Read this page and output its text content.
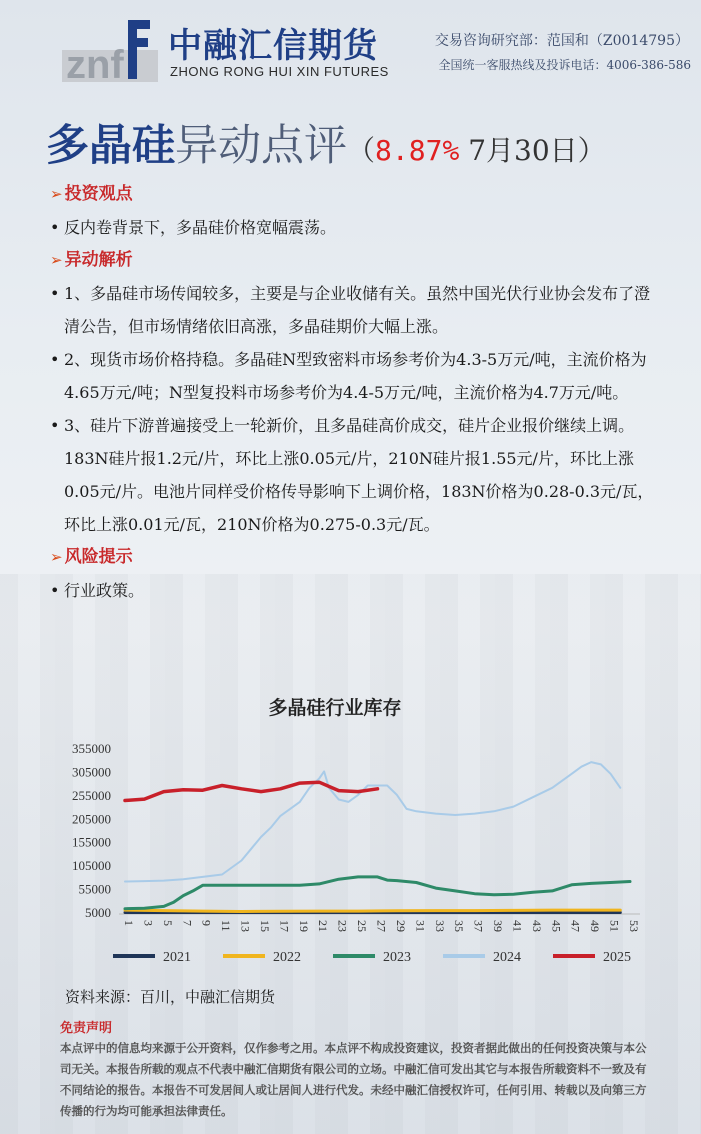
znf 中融汇信期货
ZHONG RONG HUI XIN FUTURES
交易咨询研究部：范国和（Z0014795）
全国统一客服热线及投诉电话：4006-386-586
多晶硅异动点评（8.87% 7月30日）
➢ 投资观点
• 反内卷背景下，多晶硅价格宽幅震荡。
➢ 异动解析
• 1、多晶硅市场传闻较多，主要是与企业收储有关。虽然中国光伏行业协会发布了澄清公告，但市场情绪依旧高涨，多晶硅期价大幅上涨。
• 2、现货市场价格持稳。多晶硅N型致密料市场参考价为4.3-5万元/吨，主流价格为4.65万元/吨；N型复投料市场参考价为4.4-5万元/吨，主流价格为4.7万元/吨。
• 3、硅片下游普遍接受上一轮新价，且多晶硅高价成交，硅片企业报价继续上调。183N硅片报1.2元/片，环比上涨0.05元/片，210N硅片报1.55元/片，环比上涨0.05元/片。电池片同样受价格传导影响下上调价格，183N价格为0.28-0.3元/瓦，环比上涨0.01元/瓦，210N价格为0.275-0.3元/瓦。
➢ 风险提示
• 行业政策。
多晶硅行业库存
5000
55000
105000
155000
205000
255000
305000
355000
1 3 5 7 9 11 13 15 17 19 21 23 25 27 29 31 33 35 37 39 41 43 45 47 49 51 53
2021	2022	2023	2024	2025
资料来源：百川，中融汇信期货
免责声明
本点评中的信息均来源于公开资料，仅作参考之用。本点评不构成投资建议，投资者据此做出的任何投资决策与本公司无关。本报告所载的观点不代表中融汇信期货有限公司的立场。中融汇信可发出其它与本报告所载资料不一致及有不同结论的报告。本报告不可发居间人或让居间人进行代发。未经中融汇信授权许可，任何引用、转载以及向第三方传播的行为均可能承担法律责任。
